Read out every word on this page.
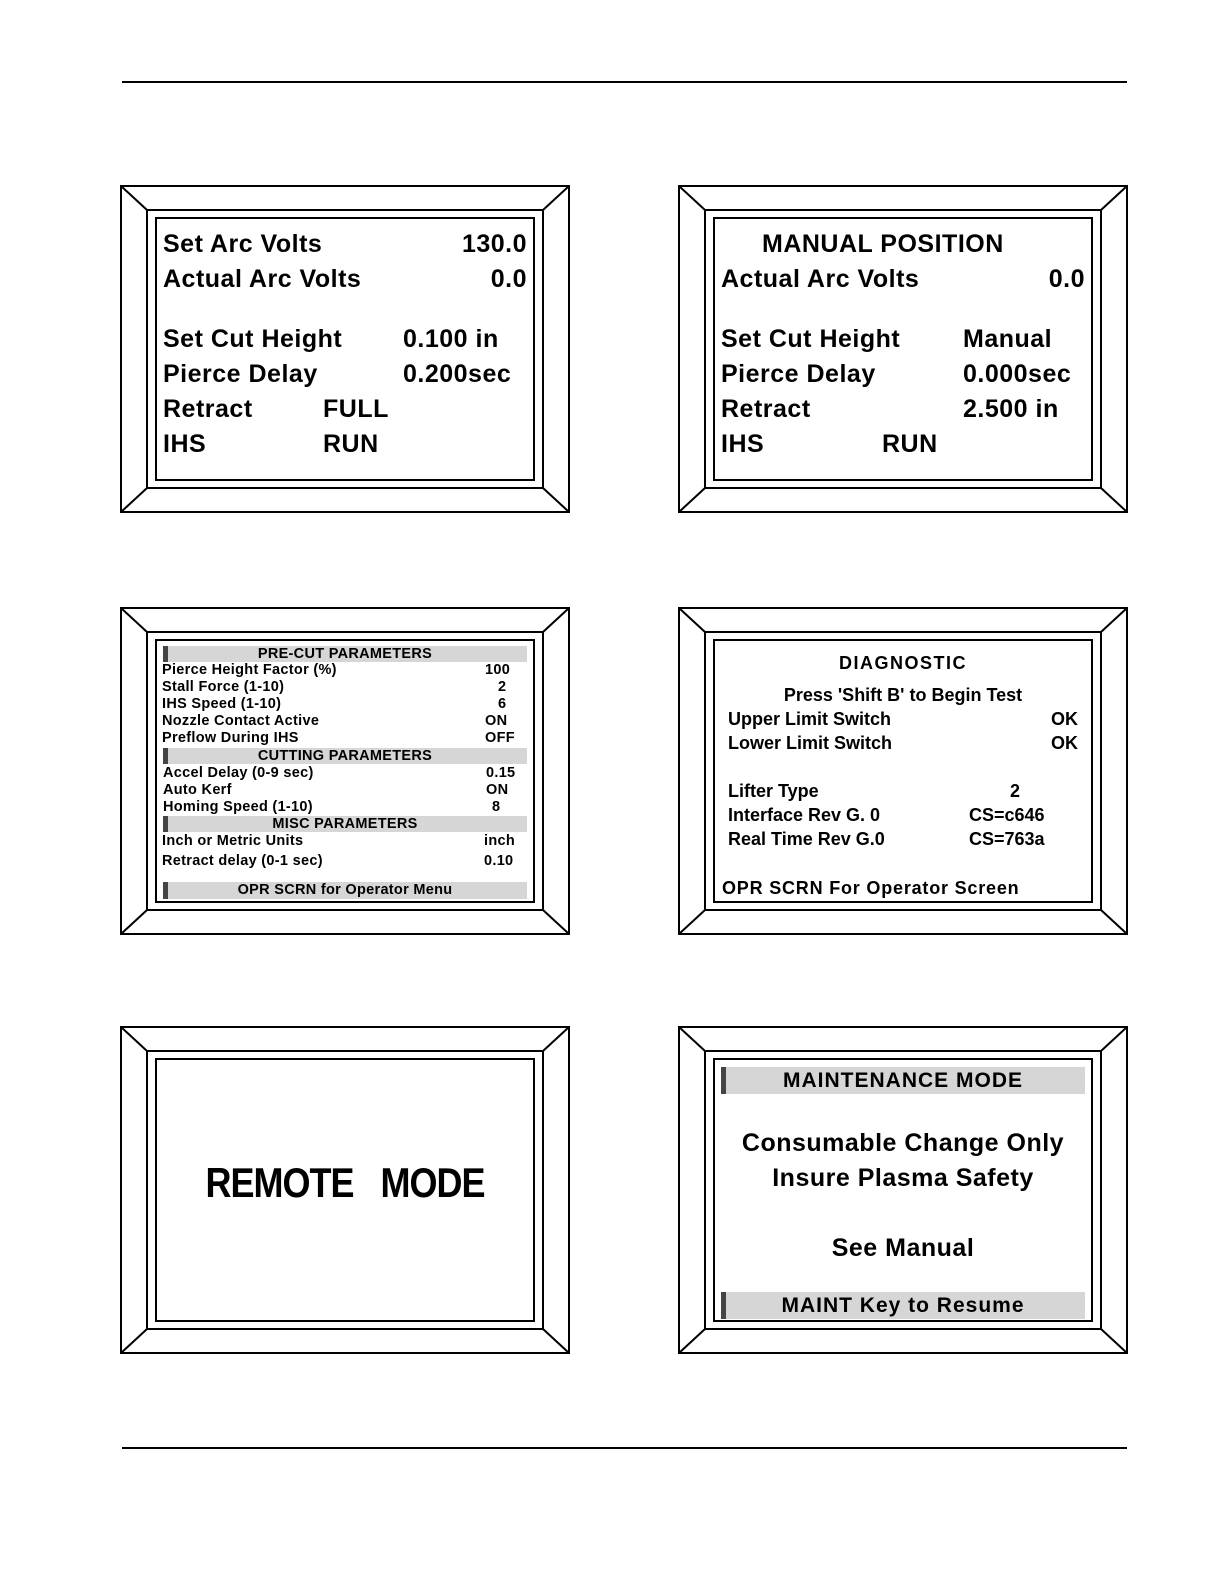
Set Arc Volts	130.0
Actual Arc Volts	0.0
Set Cut Height 0.100 in
Pierce Delay	0.200sec
Retract	FULL
IHS	RUN
MANUAL POSITION
Actual Arc Volts	0.0
Set Cut Height	Manual
Pierce Delay	0.000sec
Retract	2.500 in
IHS	RUN
PRE-CUT PARAMETERS
Pierce Height Factor (%)	100
Stall Force (1-10)	2
IHS Speed (1-10)	6
Nozzle Contact Active	ON
Preflow During IHS	OFF
CUTTING PARAMETERS
Accel Delay (0-9 sec)	0.15
Auto Kerf	ON
Homing Speed (1-10)	8
MISC PARAMETERS
Inch or Metric Units	inch
Retract delay (0-1 sec)	0.10
OPR SCRN for Operator Menu
DIAGNOSTIC
Press 'Shift B' to Begin Test
Upper Limit Switch	OK
Lower Limit Switch	OK
Lifter Type	2
Interface Rev G. 0	CS=c646
Real Time Rev G.0	CS=763a
OPR SCRN For Operator Screen
REMOTE   MODE
MAINTENANCE MODE
Consumable Change Only
Insure Plasma Safety
See Manual
MAINT Key to Resume
